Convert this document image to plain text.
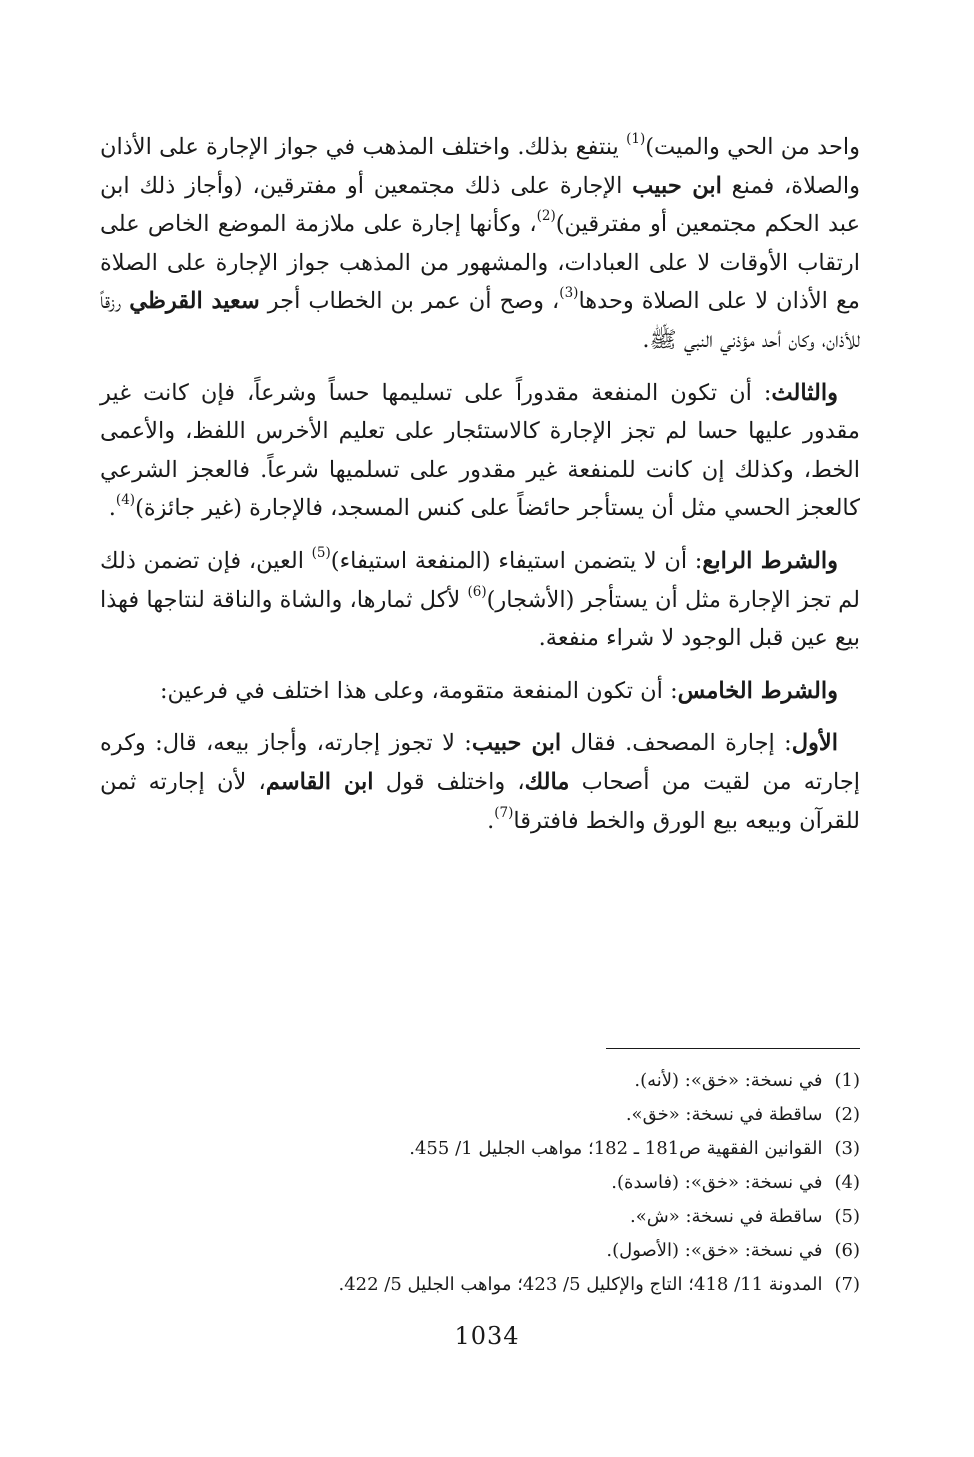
واحد من الحي والميت)$^{(1)}$ ينتفع بذلك. واختلف المذهب في جواز الإجارة على الأذان والصلاة، فمنع ابن حبيب الإجارة على ذلك مجتمعين أو مفترقين، (وأجاز ذلك ابن عبد الحكم مجتمعين أو مفترقين)$^{(2)}$، وكأنها إجارة على ملازمة الموضع الخاص على ارتقاب الأوقات لا على العبادات، والمشهور من المذهب جواز الإجارة على الصلاة مع الأذان لا على الصلاة وحدها$^{(3)}$، وصح أن عمر بن الخطاب أجر سعيد القرظي رزقاً للأذان، وكان أحد مؤذني النبي ﷺ.

والثالث: أن تكون المنفعة مقدوراً على تسليمها حساً وشرعاً، فإن كانت غير مقدور عليها حسا لم تجز الإجارة كالاستئجار على تعليم الأخرس اللفظ، والأعمى الخط، وكذلك إن كانت للمنفعة غير مقدور على تسلميها شرعاً. فالعجز الشرعي كالعجز الحسي مثل أن يستأجر حائضاً على كنس المسجد، فالإجارة (غير جائزة)$^{(4)}$.

والشرط الرابع: أن لا يتضمن استيفاء (المنفعة استيفاء)$^{(5)}$ العين، فإن تضمن ذلك لم تجز الإجارة مثل أن يستأجر (الأشجار)$^{(6)}$ لأكل ثمارها، والشاة والناقة لنتاجها فهذا بيع عين قبل الوجود لا شراء منفعة.

والشرط الخامس: أن تكون المنفعة متقومة، وعلى هذا اختلف في فرعين:

الأول: إجارة المصحف. فقال ابن حبيب: لا تجوز إجارته، وأجاز بيعه، قال: وكره إجارته من لقيت من أصحاب مالك، واختلف قول ابن القاسم، لأن إجارته ثمن للقرآن وبيعه بيع الورق والخط فافترقا$^{(7)}$.

(1)في نسخة: «خق»: (لأنه).
(2)ساقطة في نسخة: «خق».
(3)القوانين الفقهية ص181 ـ 182؛ مواهب الجليل 1/ 455.
(4)في نسخة: «خق»: (فاسدة).
(5)ساقطة في نسخة: «ش».
(6)في نسخة: «خق»: (الأصول).
(7)المدونة 11/ 418؛ التاج والإكليل 5/ 423؛ مواهب الجليل 5/ 422.
1034
